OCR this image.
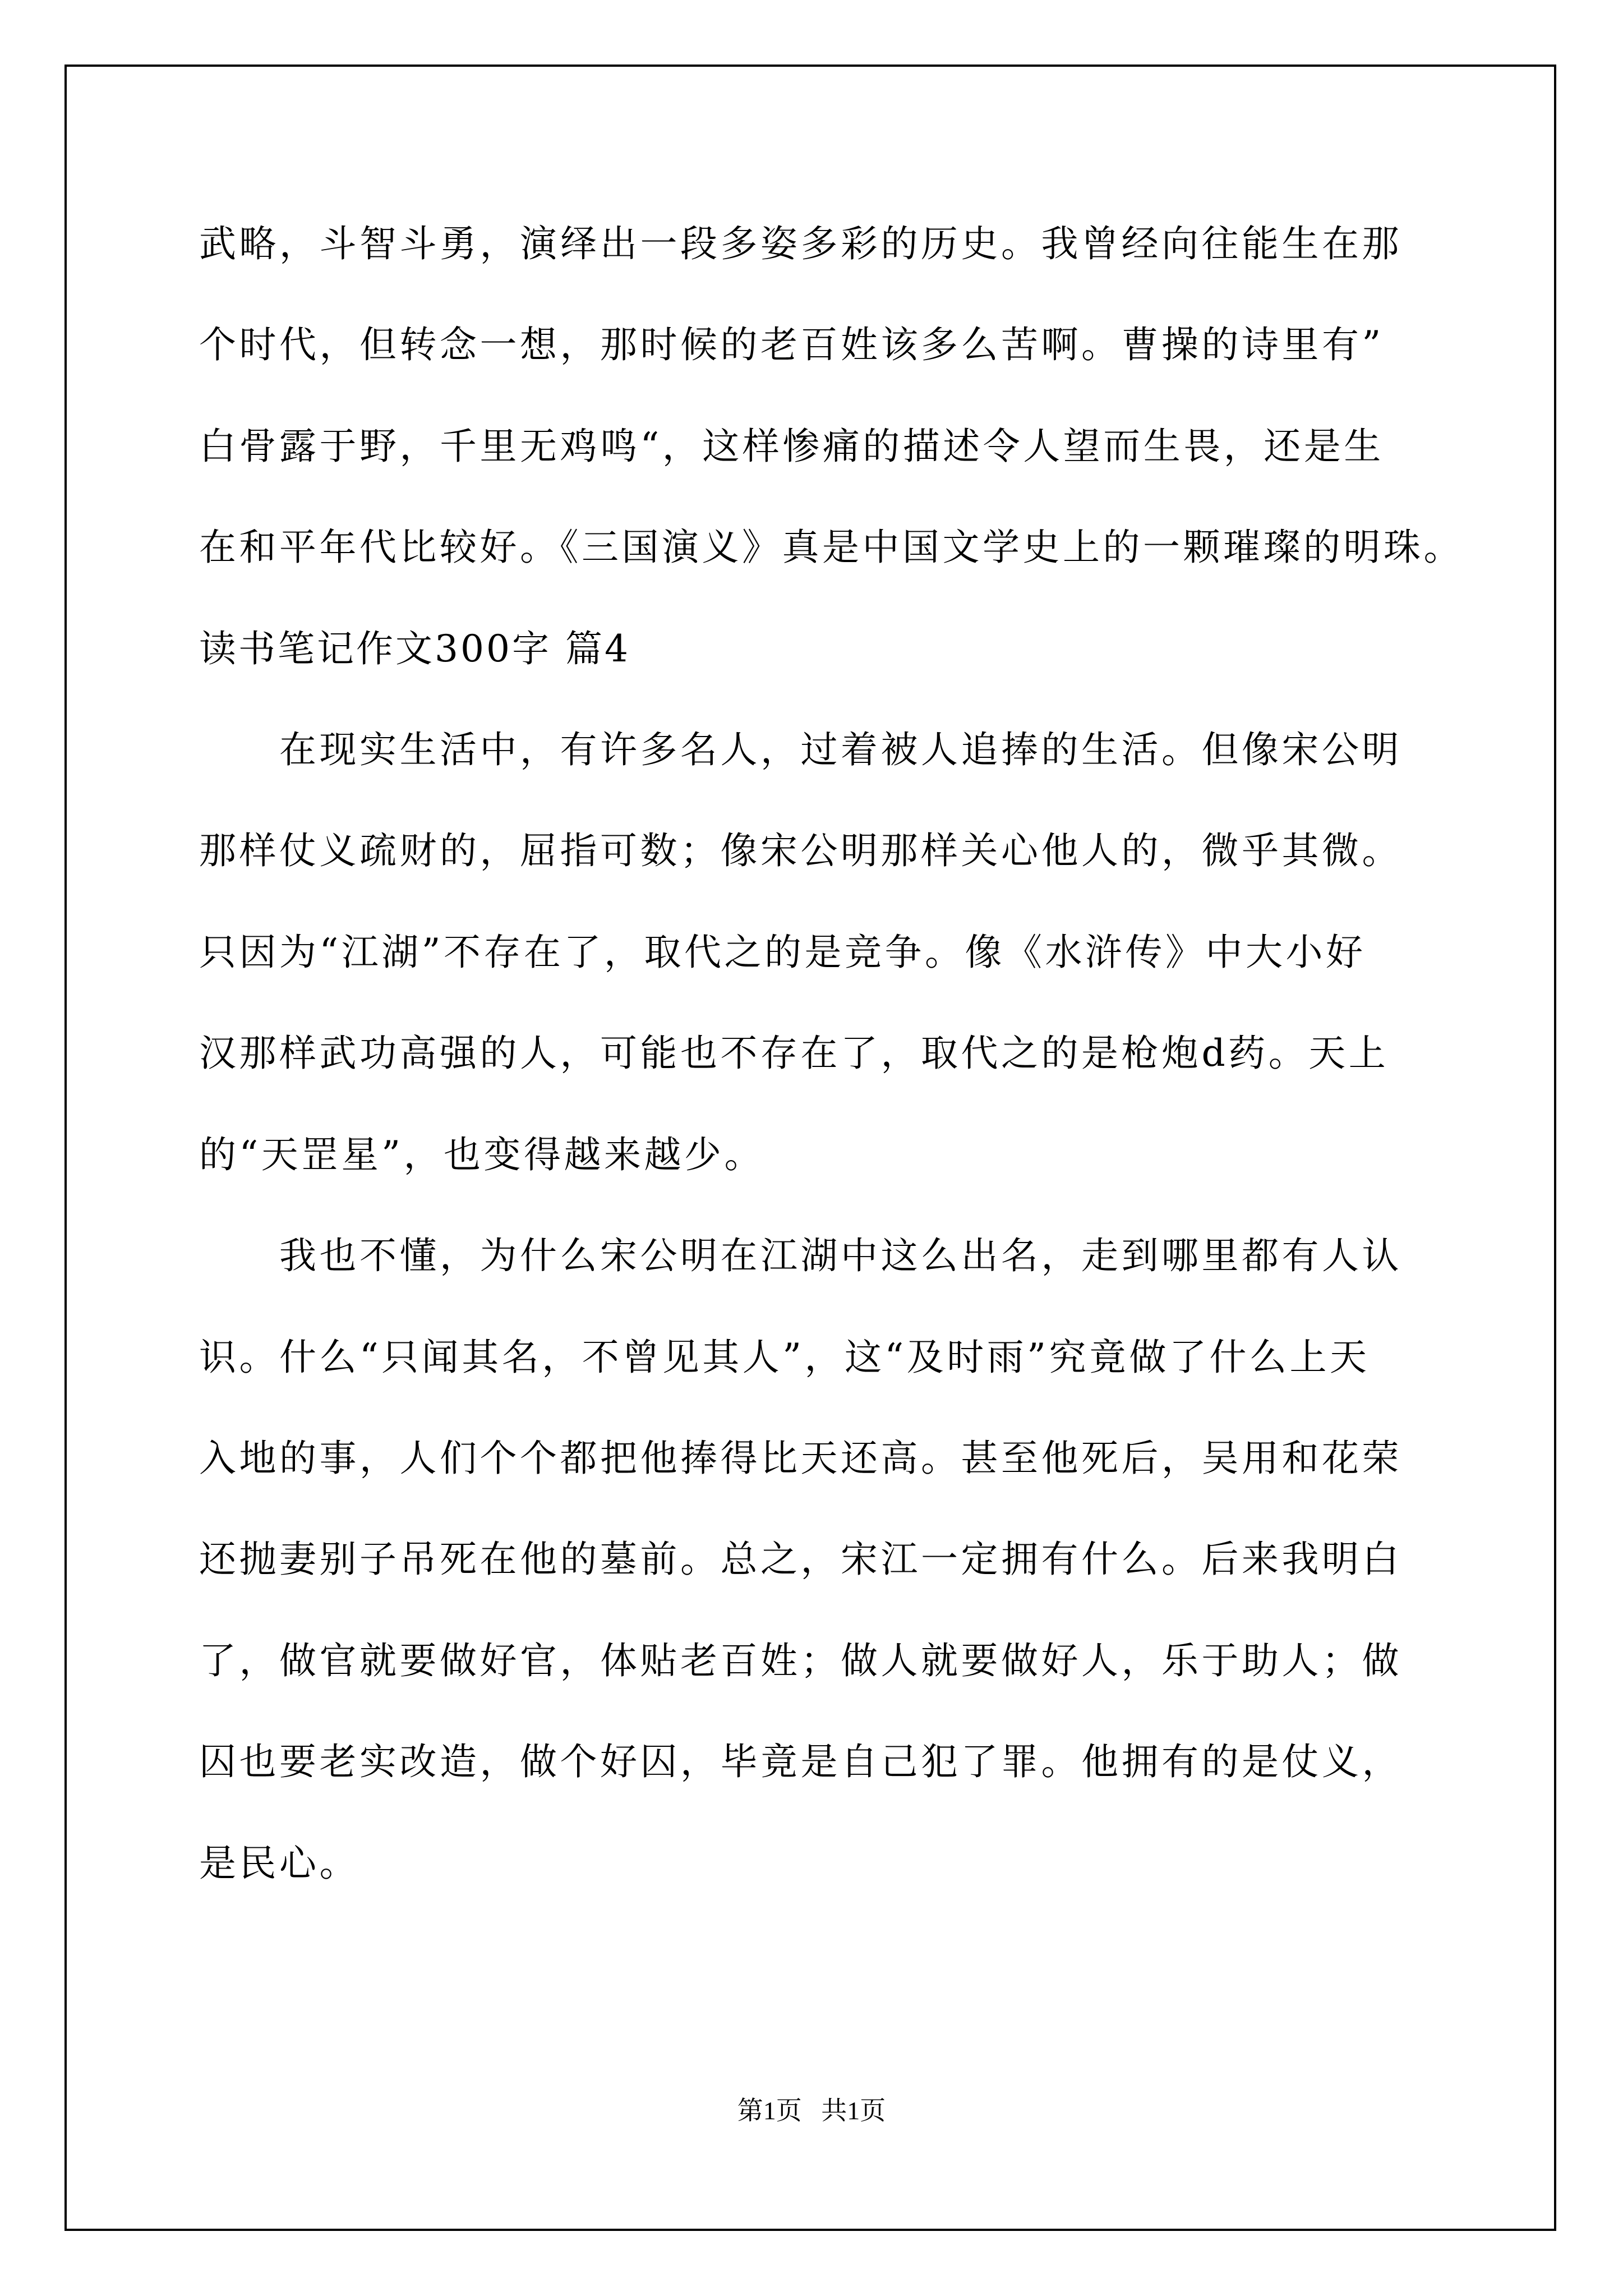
武略，斗智斗勇，演绎出一段多姿多彩的历史。我曾经向往能生在那
个时代，但转念一想，那时候的老百姓该多么苦啊。曹操的诗里有”
白骨露于野，千里无鸡鸣“，这样惨痛的描述令人望而生畏，还是生
在和平年代比较好。《三国演义》真是中国文学史上的一颗璀璨的明珠。
读书笔记作文300字 篇4
　　在现实生活中，有许多名人，过着被人追捧的生活。但像宋公明
那样仗义疏财的，屈指可数；像宋公明那样关心他人的，微乎其微。
只因为“江湖”不存在了，取代之的是竞争。像《水浒传》中大小好
汉那样武功高强的人，可能也不存在了，取代之的是枪炮d药。天上
的“天罡星”，也变得越来越少。
　　我也不懂，为什么宋公明在江湖中这么出名，走到哪里都有人认
识。什么“只闻其名，不曾见其人”，这“及时雨”究竟做了什么上天
入地的事，人们个个都把他捧得比天还高。甚至他死后，吴用和花荣
还抛妻别子吊死在他的墓前。总之，宋江一定拥有什么。后来我明白
了，做官就要做好官，体贴老百姓；做人就要做好人，乐于助人；做
囚也要老实改造，做个好囚，毕竟是自己犯了罪。他拥有的是仗义，
是民心。
第1页   共1页
